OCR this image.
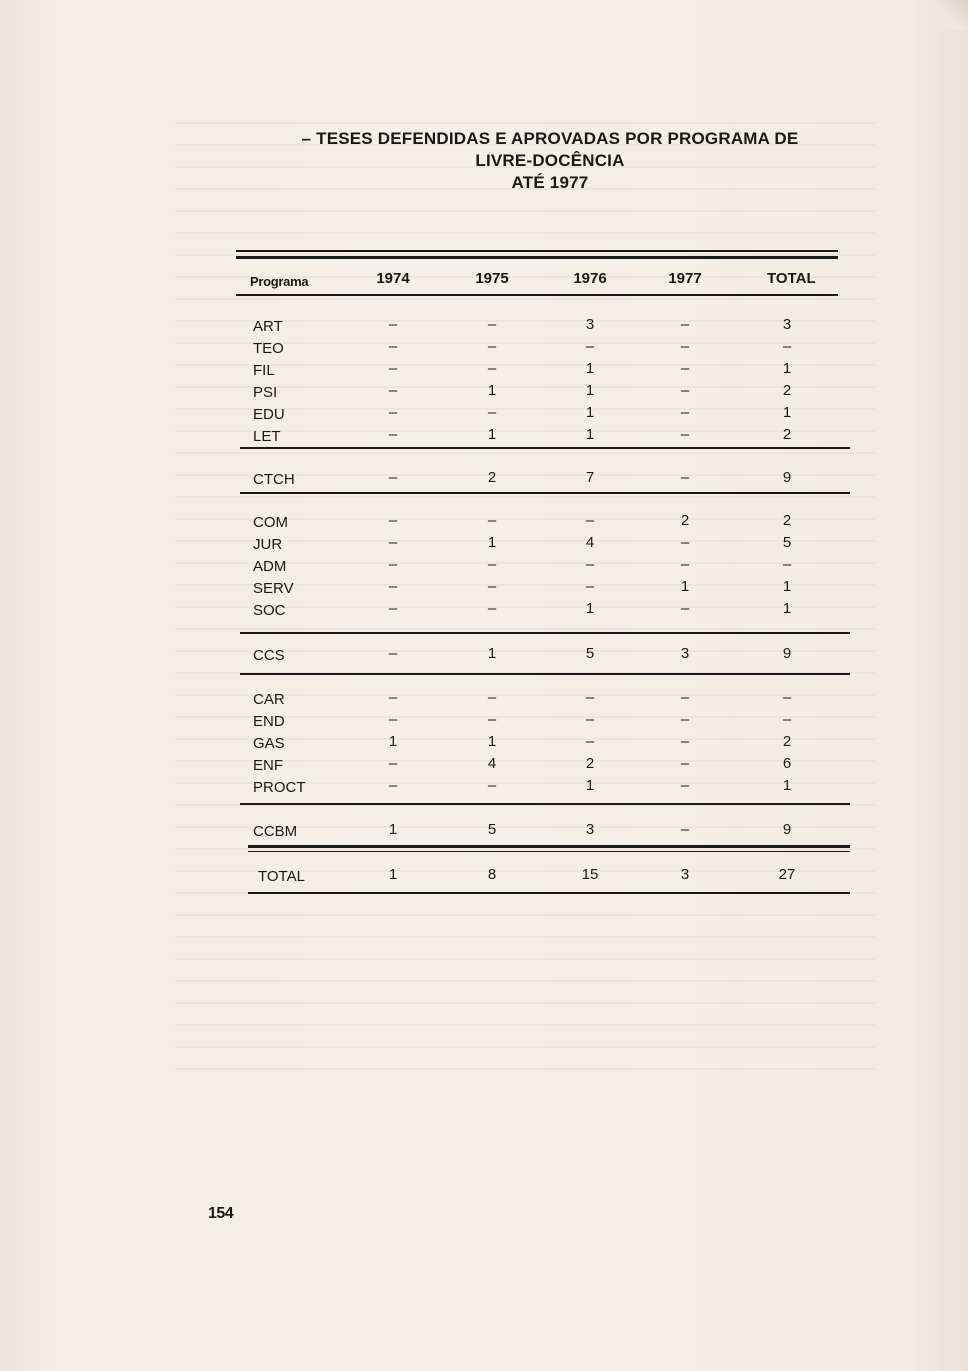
– TESES DEFENDIDAS E APROVADAS POR PROGRAMA DE
LIVRE-DOCÊNCIA
ATÉ 1977
Programa	1974	1975	1976	1977	TOTAL
ART	–	–	3	–	3
TEO	–	–	–	–	–
FIL	–	–	1	–	1
PSI	–	1	1	–	2
EDU	–	–	1	–	1
LET	–	1	1	–	2
CTCH	–	2	7	–	9
COM	–	–	–	2	2
JUR	–	1	4	–	5
ADM	–	–	–	–	–
SERV	–	–	–	1	1
SOC	–	–	1	–	1
CCS	–	1	5	3	9
CAR	–	–	–	–	–
END	–	–	–	–	–
GAS	1	1	–	–	2
ENF	–	4	2	–	6
PROCT	–	–	1	–	1
CCBM	1	5	3	–	9
TOTAL	1	8	15	3	27
154
